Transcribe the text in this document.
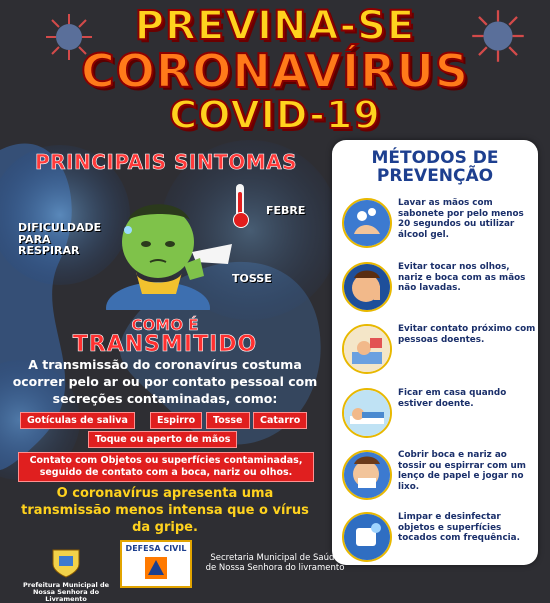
PREVINA-SE
CORONAVÍRUS
COVID-19
PRINCIPAIS SINTOMAS
FEBRE
DIFICULDADE PARA RESPIRAR
TOSSE
COMO É
TRANSMITIDO
A transmissão do coronavírus costuma ocorrer pelo ar ou por contato pessoal com secreções contaminadas, como:
Gotículas de saliva	Espirro	Tosse	Catarro
Toque ou aperto de mãos
Contato com Objetos ou superfícies contaminadas, seguido de contato com a boca, nariz ou olhos.
O coronavírus apresenta uma transmissão menos intensa que o vírus da gripe.
MÉTODOS DE
PREVENÇÃO
Lavar as mãos com sabonete por pelo menos 20 segundos ou utilizar álcool gel.
Evitar tocar nos olhos, nariz e boca com as mãos não lavadas.
Evitar contato próximo com pessoas doentes.
Ficar em casa quando estiver doente.
Cobrir boca e nariz ao tossir ou espirrar com um lenço de papel e jogar no lixo.
Limpar e desinfectar objetos e superfícies tocados com frequência.
Prefeitura Municipal de Nossa Senhora do Livramento
DEFESA CIVIL
Secretaria Municipal de Saúde de Nossa Senhora do livramento
